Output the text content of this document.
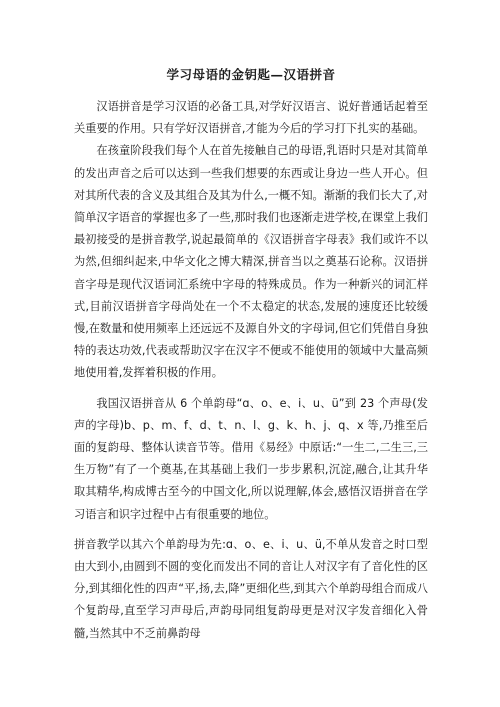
学习母语的金钥匙—汉语拼音

汉语拼音是学习汉语的必备工具,对学好汉语言、说好普通话起着至关重要的作用。只有学好汉语拼音,才能为今后的学习打下扎实的基础。

在孩童阶段我们每个人在首先接触自己的母语,乳语时只是对其简单的发出声音之后可以达到一些我们想要的东西或让身边一些人开心。但对其所代表的含义及其组合及其为什么,一概不知。渐渐的我们长大了,对简单汉字语音的掌握也多了一些,那时我们也逐渐走进学校,在课堂上我们最初接受的是拼音教学,说起最简单的《汉语拼音字母表》我们或许不以为然,但细纠起来,中华文化之博大精深,拼音当以之奠基石论称。汉语拼音字母是现代汉语词汇系统中字母的特殊成员。作为一种新兴的词汇样式,目前汉语拼音字母尚处在一个不太稳定的状态,发展的速度还比较缓慢,在数量和使用频率上还远远不及源自外文的字母词,但它们凭借自身独特的表达功效,代表或帮助汉字在汉字不便或不能使用的领域中大量高频地使用着,发挥着积极的作用。

我国汉语拼音从 6 个单韵母“ɑ、o、e、i、u、ü”到 23 个声母(发声的字母)b、p、m、f、d、t、n、l、g、k、h、j、q、x 等,乃推至后面的复韵母、整体认读音节等。借用《易经》中原话:“一生二,二生三,三生万物”有了一个奠基,在其基础上我们一步步累积,沉淀,融合,让其升华取其精华,构成博古至今的中国文化,所以说理解,体会,感悟汉语拼音在学习语言和识字过程中占有很重要的地位。

拼音教学以其六个单韵母为先:ɑ、o、e、i、u、ü,不单从发音之时口型由大到小,由圆到不圆的变化而发出不同的音让人对汉字有了音化性的区分,到其细化性的四声“平,扬,去,降”更细化些,到其六个单韵母组合而成八个复韵母,直至学习声母后,声韵母同组复韵母更是对汉字发音细化入骨髓,当然其中不乏前鼻韵母
